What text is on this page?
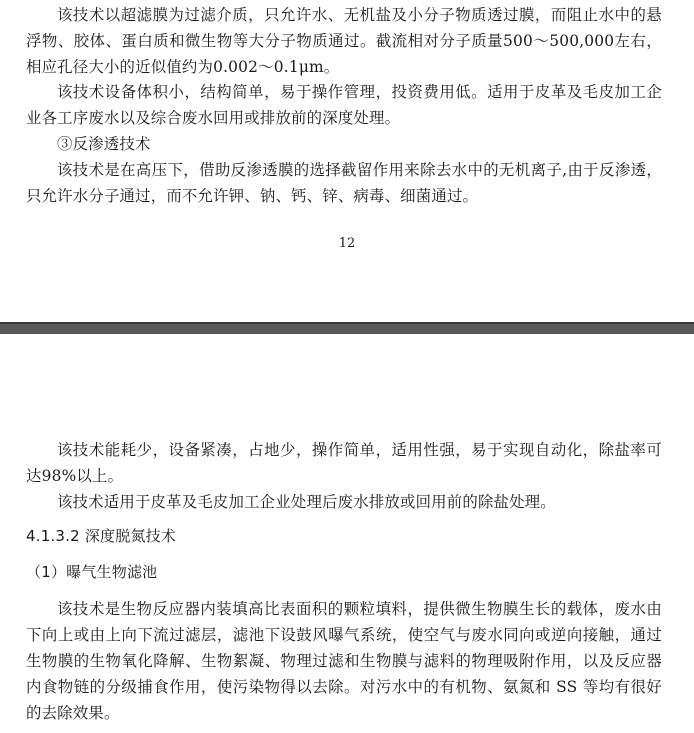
该技术以超滤膜为过滤介质，只允许水、无机盐及小分子物质透过膜，而阻止水中的悬浮物、胶体、蛋白质和微生物等大分子物质通过。截流相对分子质量500～500,000左右，相应孔径大小的近似值约为0.002～0.1μm。

该技术设备体积小，结构简单，易于操作管理，投资费用低。适用于皮革及毛皮加工企业各工序废水以及综合废水回用或排放前的深度处理。

③反渗透技术

该技术是在高压下，借助反渗透膜的选择截留作用来除去水中的无机离子,由于反渗透，只允许水分子通过，而不允许钾、钠、钙、锌、病毒、细菌通过。

12

该技术能耗少，设备紧凑，占地少，操作简单，适用性强，易于实现自动化，除盐率可达98%以上。

该技术适用于皮革及毛皮加工企业处理后废水排放或回用前的除盐处理。

4.1.3.2 深度脱氮技术

（1）曝气生物滤池

该技术是生物反应器内装填高比表面积的颗粒填料，提供微生物膜生长的载体，废水由下向上或由上向下流过滤层，滤池下设鼓风曝气系统，使空气与废水同向或逆向接触，通过生物膜的生物氧化降解、生物絮凝、物理过滤和生物膜与滤料的物理吸附作用，以及反应器内食物链的分级捕食作用，使污染物得以去除。对污水中的有机物、氨氮和 SS 等均有很好的去除效果。
